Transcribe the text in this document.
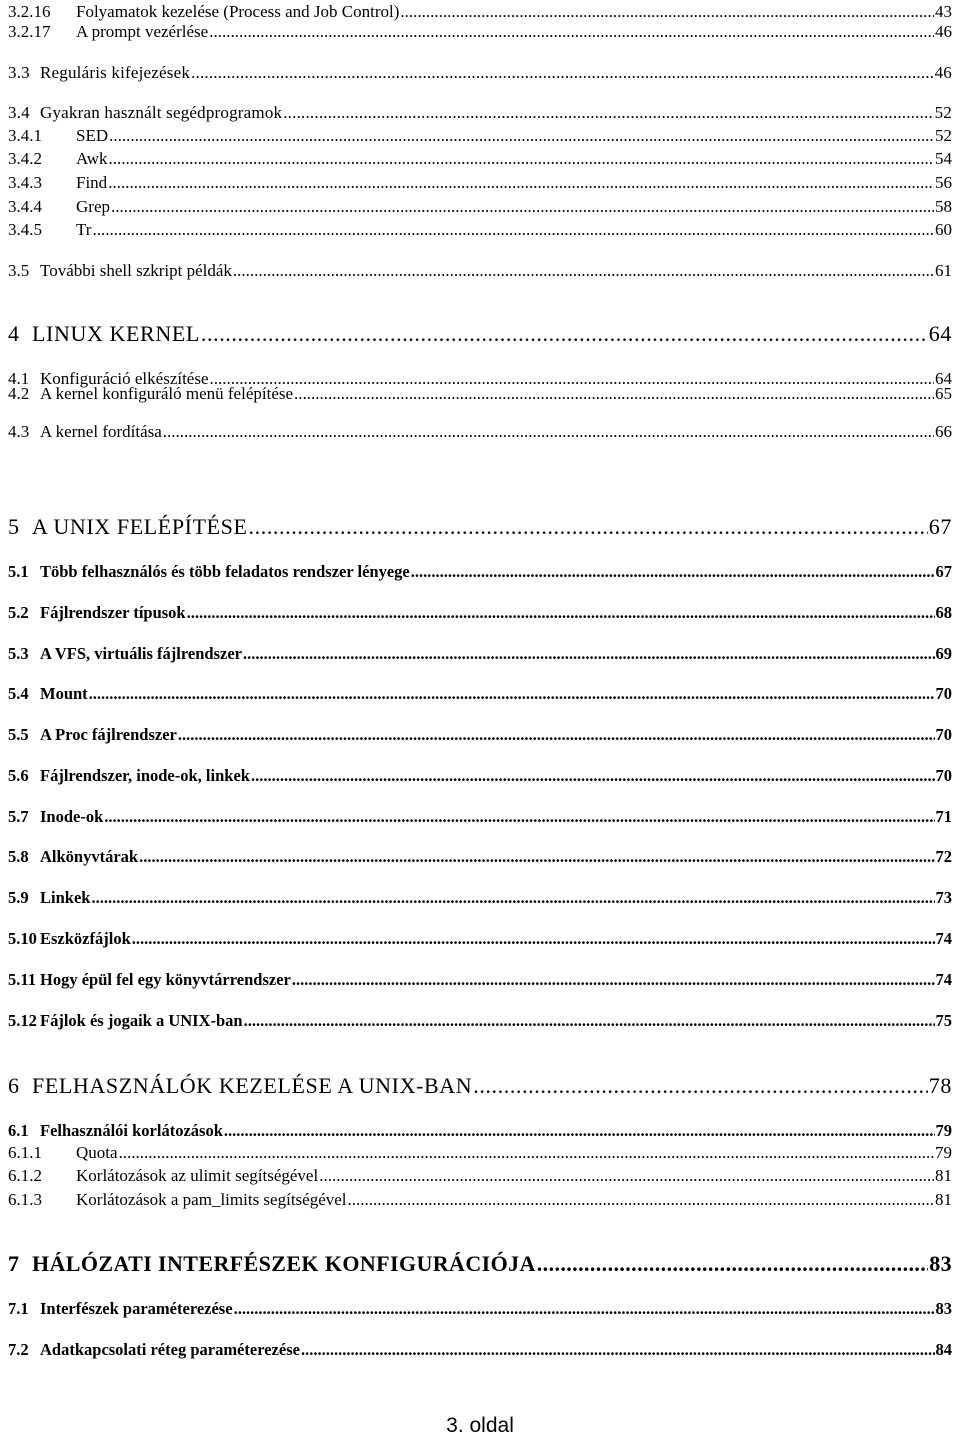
3.2.16	Folyamatok kezelése (Process and Job Control) .....	43
3.2.17	A prompt vezérlése .....	46
3.3 Reguláris kifejezések .....	46
3.4 Gyakran használt segédprogramok .....	52
3.4.1	SED .....	52
3.4.2	Awk .....	54
3.4.3	Find .....	56
3.4.4	Grep .....	58
3.4.5	Tr .....	60
3.5 További shell szkript példák .....	61
4 LINUX KERNEL .....	64
4.1 Konfiguráció elkészítése .....	64
4.2 A kernel konfiguráló menü felépítése .....	65
4.3 A kernel fordítása .....	66
5 A UNIX FELÉPÍTÉSE .....	67
5.1 Több felhasználós és több feladatos rendszer lényege .....	67
5.2 Fájlrendszer típusok .....	68
5.3 A VFS, virtuális fájlrendszer .....	69
5.4 Mount .....	70
5.5 A Proc fájlrendszer .....	70
5.6 Fájlrendszer, inode-ok, linkek .....	70
5.7 Inode-ok .....	71
5.8 Alkönyvtárak .....	72
5.9 Linkek .....	73
5.10 Eszközfájlok .....	74
5.11 Hogy épül fel egy könyvtárrendszer .....	74
5.12 Fájlok és jogaik a UNIX-ban .....	75
6 FELHASZNÁLÓK KEZELÉSE A UNIX-BAN .....	78
6.1 Felhasználói korlátozások .....	79
6.1.1	Quota .....	79
6.1.2	Korlátozások az ulimit segítségével .....	81
6.1.3	Korlátozások a pam_limits segítségével .....	81
7 HÁLÓZATI INTERFÉSZEK KONFIGURÁCIÓJA .....	83
7.1 Interfészek paraméterezése .....	83
7.2 Adatkapcsolati réteg paraméterezése .....	84
3. oldal
